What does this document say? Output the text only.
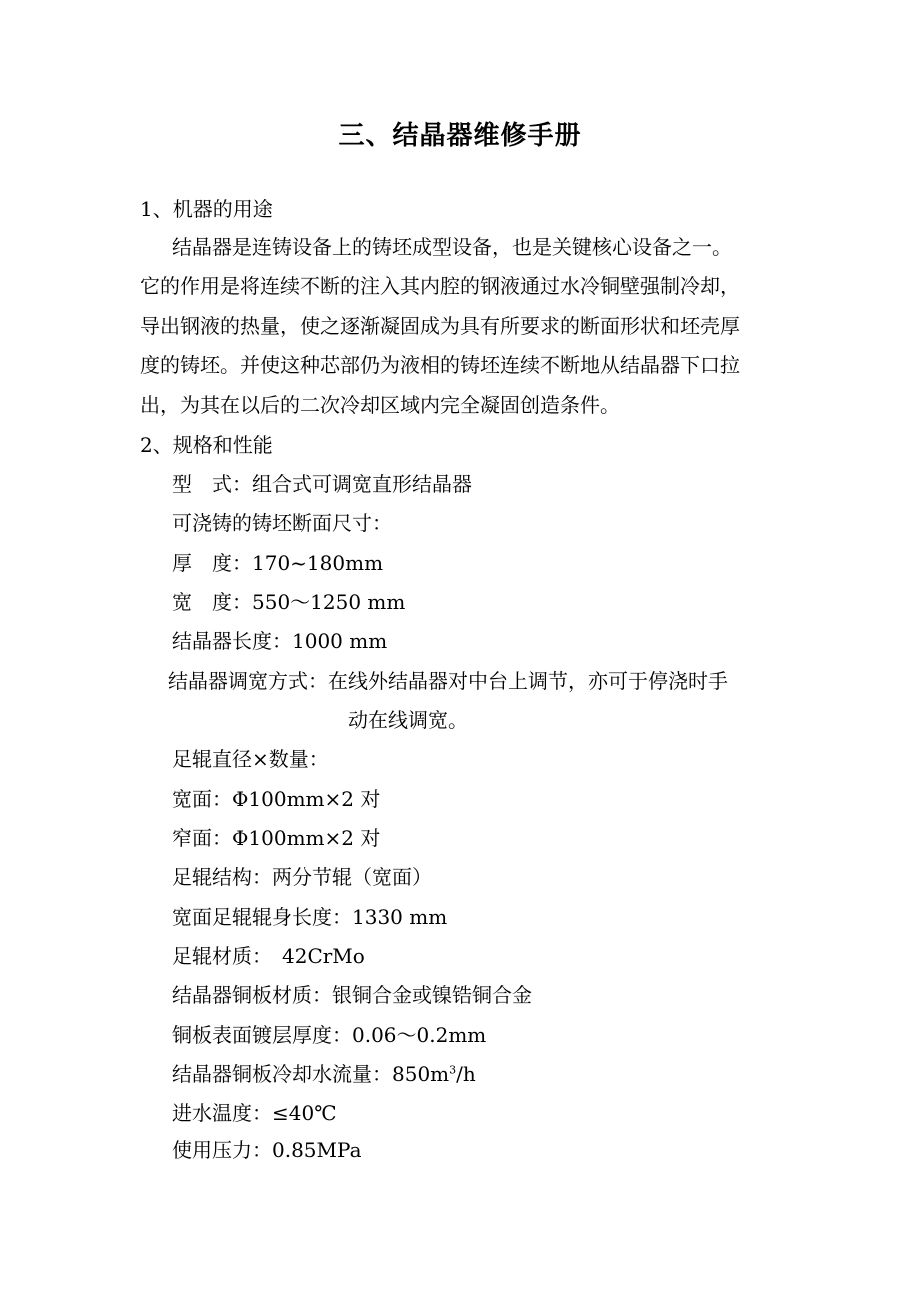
三、结晶器维修手册
1、机器的用途
结晶器是连铸设备上的铸坯成型设备，也是关键核心设备之一。
它的作用是将连续不断的注入其内腔的钢液通过水冷铜壁强制冷却，
导出钢液的热量，使之逐渐凝固成为具有所要求的断面形状和坯壳厚
度的铸坯。并使这种芯部仍为液相的铸坯连续不断地从结晶器下口拉
出，为其在以后的二次冷却区域内完全凝固创造条件。
2、规格和性能
型　式：组合式可调宽直形结晶器
可浇铸的铸坯断面尺寸：
厚　度：170~180mm
宽　度：550～1250 mm
结晶器长度：1000 mm
结晶器调宽方式：在线外结晶器对中台上调节，亦可于停浇时手
动在线调宽。
足辊直径×数量：
宽面：Φ100mm×2 对
窄面：Φ100mm×2 对
足辊结构：两分节辊（宽面）
宽面足辊辊身长度：1330 mm
足辊材质：　42CrMo
结晶器铜板材质：银铜合金或镍锆铜合金
铜板表面镀层厚度：0.06～0.2mm
结晶器铜板冷却水流量：$850m^3/h$
进水温度：≤40℃
使用压力：0.85MPa
